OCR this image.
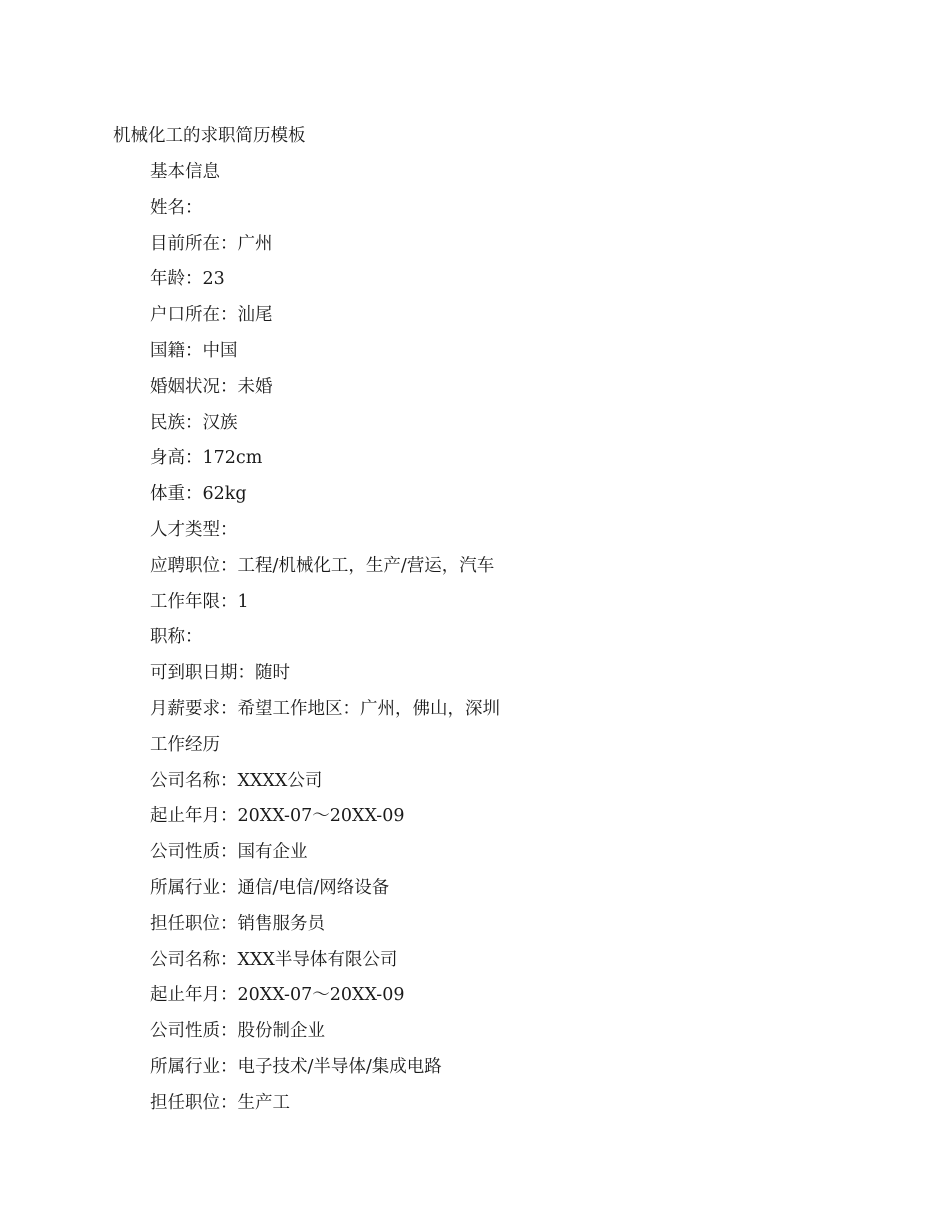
机械化工的求职简历模板
基本信息
姓名：
目前所在：广州
年龄：23
户口所在：汕尾
国籍：中国
婚姻状况：未婚
民族：汉族
身高：172cm
体重：62kg
人才类型：
应聘职位：工程/机械化工，生产/营运，汽车
工作年限：1
职称：
可到职日期：随时
月薪要求：希望工作地区：广州，佛山，深圳
工作经历
公司名称：XXXX公司
起止年月：20XX-07～20XX-09
公司性质：国有企业
所属行业：通信/电信/网络设备
担任职位：销售服务员
公司名称：XXX半导体有限公司
起止年月：20XX-07～20XX-09
公司性质：股份制企业
所属行业：电子技术/半导体/集成电路
担任职位：生产工
